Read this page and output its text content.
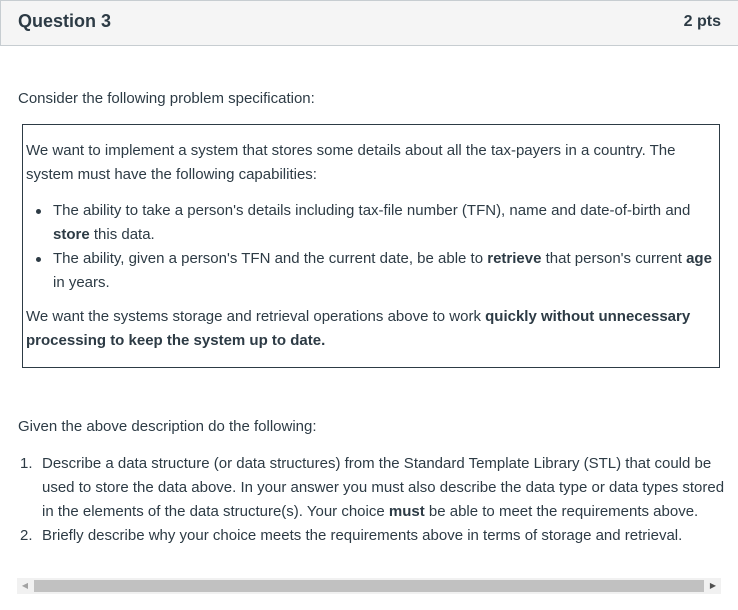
Question 3	2 pts
Consider the following problem specification:

We want to implement a system that stores some details about all the tax-payers in a country. The system must have the following capabilities:

The ability to take a person's details including tax-file number (TFN), name and date-of-birth and store this data.
The ability, given a person's TFN and the current date, be able to retrieve that person's current age in years.

We want the systems storage and retrieval operations above to work quickly without unnecessary processing to keep the system up to date.

Given the above description do the following:
1. Describe a data structure (or data structures) from the Standard Template Library (STL) that could be used to store the data above. In your answer you must also describe the data type or data types stored in the elements of the data structure(s). Your choice must be able to meet the requirements above.
2. Briefly describe why your choice meets the requirements above in terms of storage and retrieval.
◀	▶
